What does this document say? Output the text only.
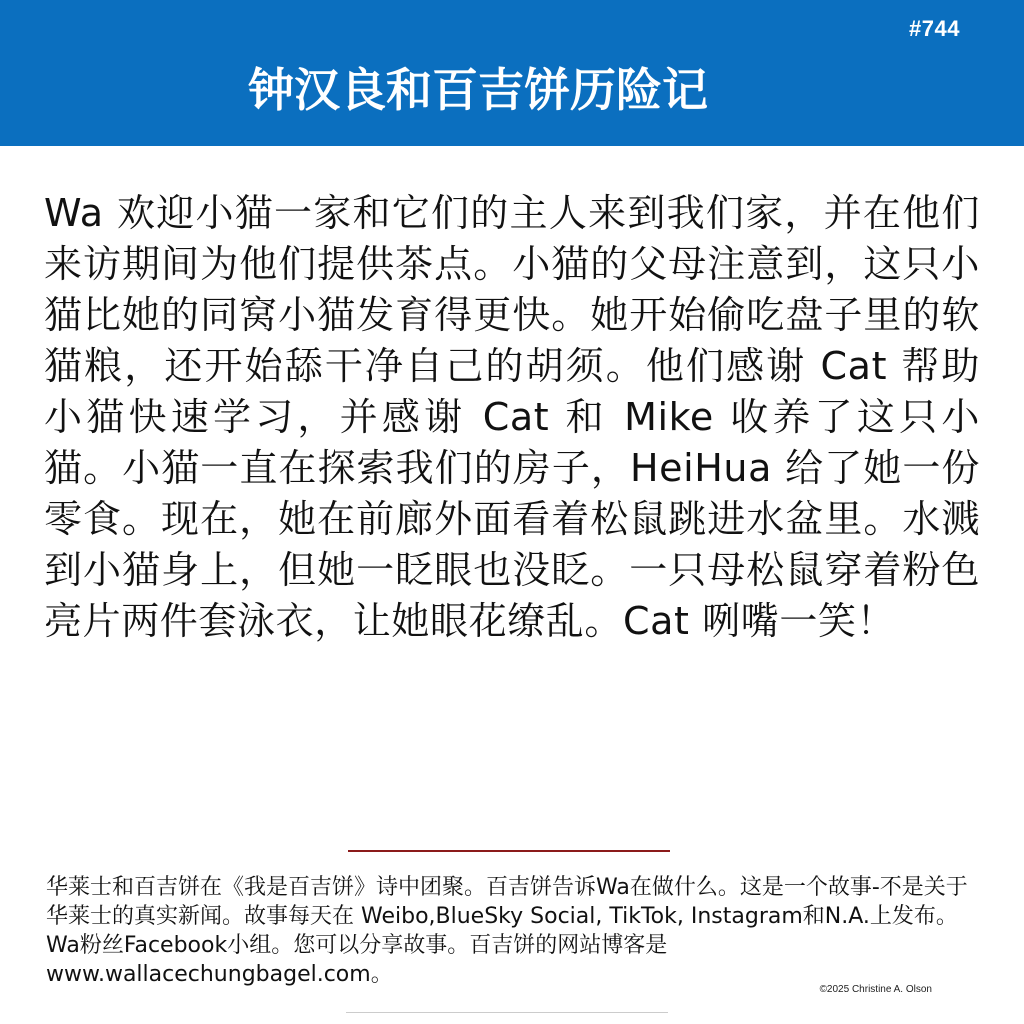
#744
钟汉良和百吉饼历险记

Wa 欢迎小猫一家和它们的主人来到我们家，并在他们来访期间为他们提供茶点。小猫的父母注意到，这只小猫比她的同窝小猫发育得更快。她开始偷吃盘子里的软猫粮，还开始舔干净自己的胡须。他们感谢 Cat 帮助小猫快速学习，并感谢 Cat 和 Mike 收养了这只小猫。小猫一直在探索我们的房子，HeiHua 给了她一份零食。现在，她在前廊外面看着松鼠跳进水盆里。水溅到小猫身上，但她一眨眼也没眨。一只母松鼠穿着粉色亮片两件套泳衣，让她眼花缭乱。Cat 咧嘴一笑！

华莱士和百吉饼在《我是百吉饼》诗中团聚。百吉饼告诉Wa在做什么。这是一个故事-不是关于华莱士的真实新闻。故事每天在 Weibo,BlueSky Social, TikTok, Instagram和N.A.上发布。Wa粉丝Facebook小组。您可以分享故事。百吉饼的网站博客是www.wallacechungbagel.com。

©2025 Christine A. Olson
